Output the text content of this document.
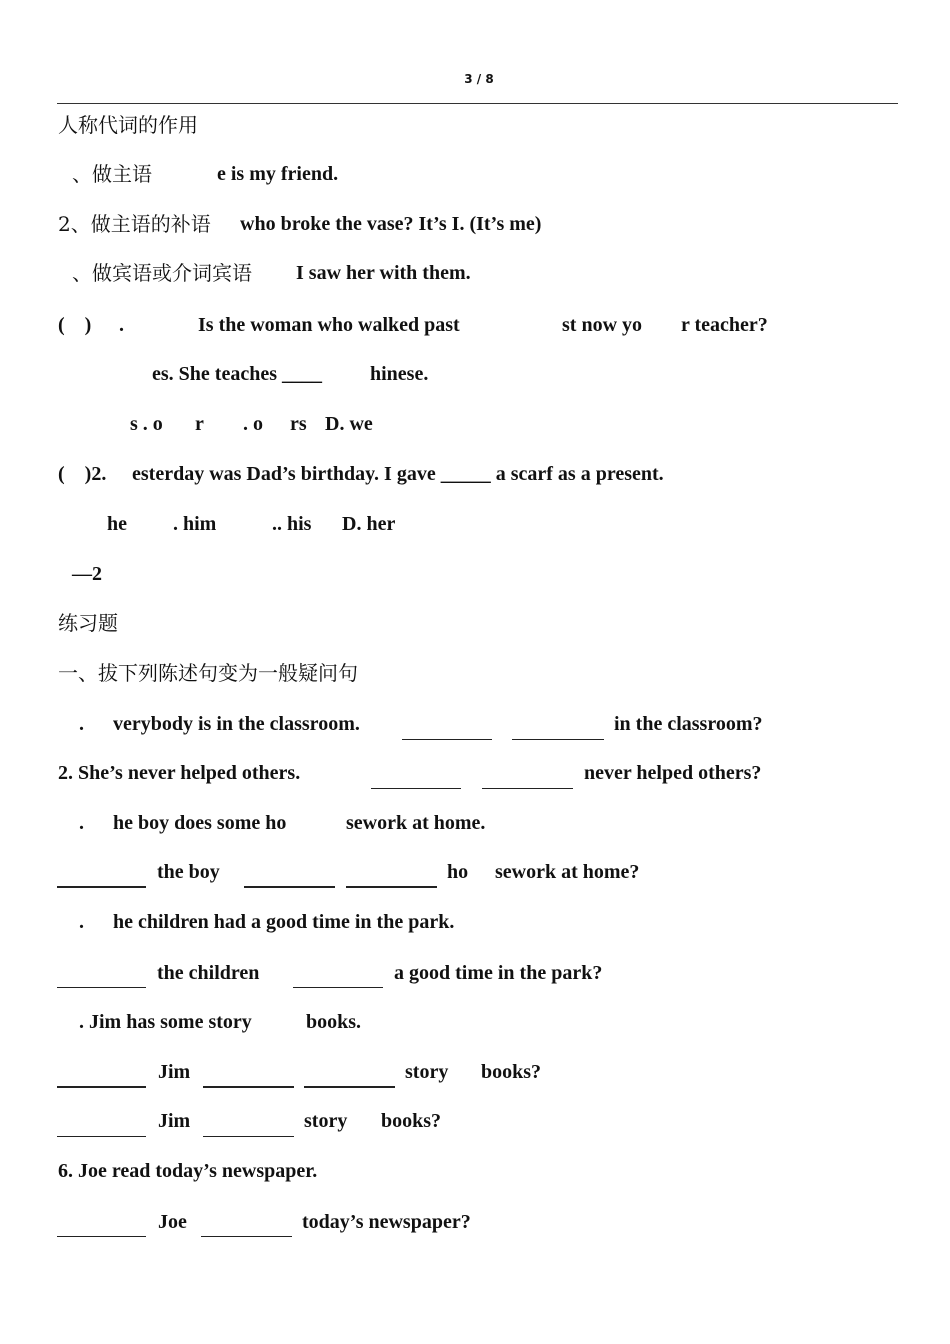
3 / 8
人称代词的作用
、做主语	e is my friend.
2、做主语的补语 who broke the vase? It’s I. (It’s me)
、做宾语或介词宾语 I saw her with them.
(    ) .	Is the woman who walked past	st now yo r teacher?
es. She teaches ____ hinese.
s . o r . o rs D. we
(    )2. esterday was Dad’s birthday. I gave _____ a scarf as a present.
he . him	.. his D. her
—2
练习题
一、拔下列陈述句变为一般疑问句
. verybody is in the classroom.	in the classroom?
2. She’s never helped others.	never helped others?
. he boy does some ho	sework at home.
the boy	ho sework at home?
. he children had a good time in the park.
the children	a good time in the park?
. Jim has some story	books.
Jim	story books?
Jim	story books?
6. Joe read today’s newspaper.
Joe	today’s newspaper?
